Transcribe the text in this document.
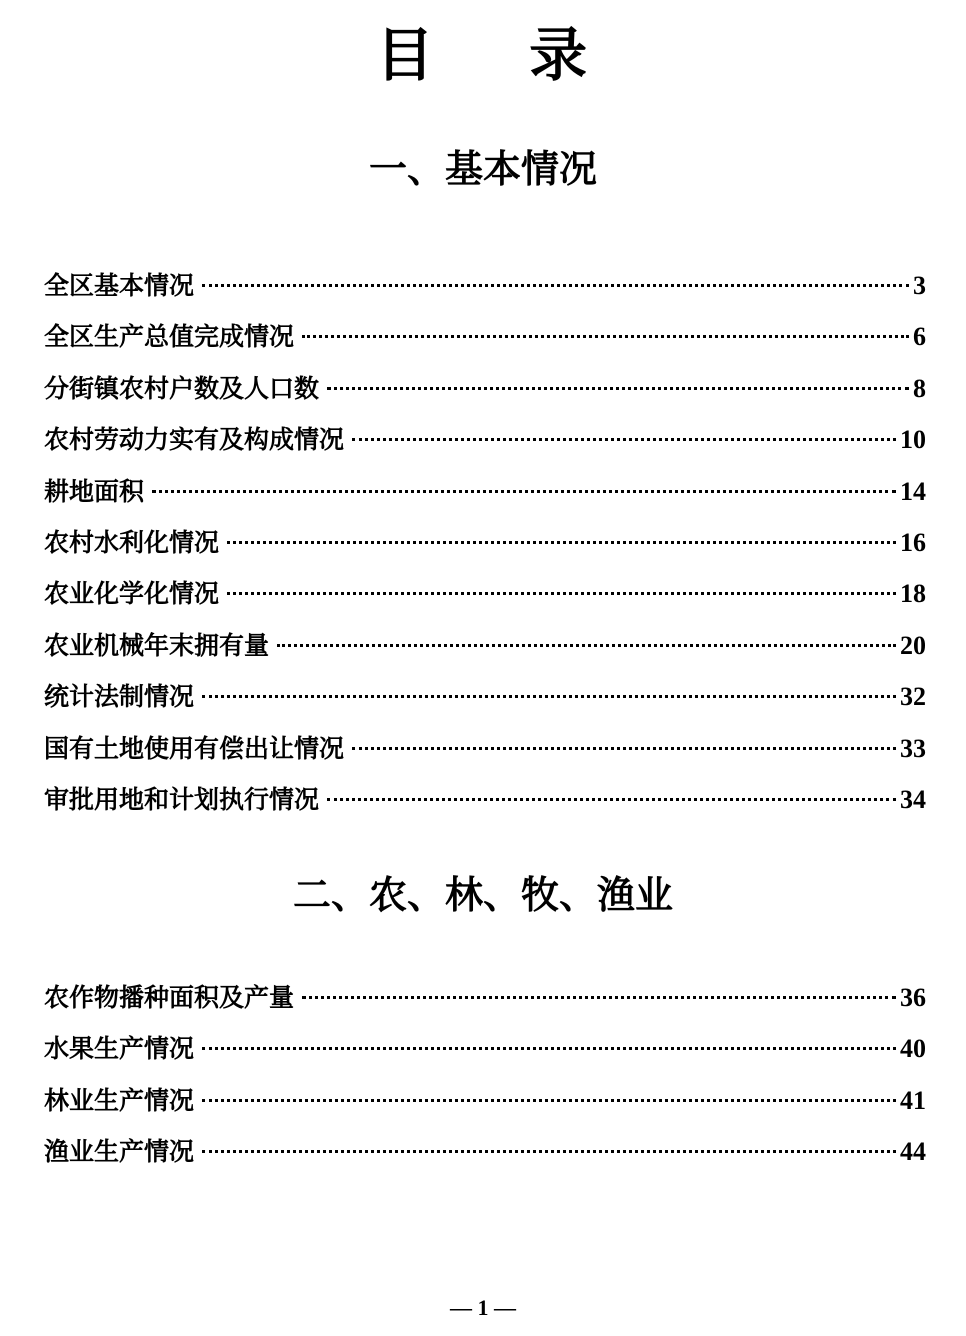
目    录
一、基本情况
全区基本情况	3
全区生产总值完成情况	6
分街镇农村户数及人口数	8
农村劳动力实有及构成情况	10
耕地面积	14
农村水利化情况	16
农业化学化情况	18
农业机械年末拥有量	20
统计法制情况	32
国有土地使用有偿出让情况	33
审批用地和计划执行情况	34
二、农、林、牧、渔业
农作物播种面积及产量	36
水果生产情况	40
林业生产情况	41
渔业生产情况	44
— 1 —
